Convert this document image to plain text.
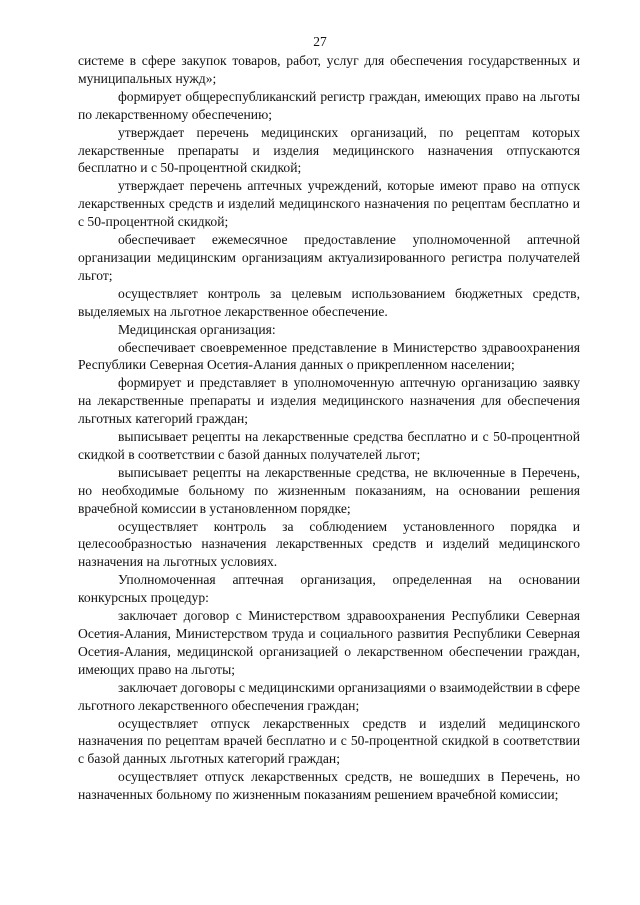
27

системе в сфере закупок товаров, работ, услуг для обеспечения государственных и муниципальных нужд»;

формирует общереспубликанский регистр граждан, имеющих право на льготы по лекарственному обеспечению;

утверждает перечень медицинских организаций, по рецептам которых лекарственные препараты и изделия медицинского назначения отпускаются бесплатно и с 50-процентной скидкой;

утверждает перечень аптечных учреждений, которые имеют право на отпуск лекарственных средств и изделий медицинского назначения по рецептам бесплатно и с 50-процентной скидкой;

обеспечивает ежемесячное предоставление уполномоченной аптечной организации медицинским организациям актуализированного регистра получателей льгот;

осуществляет контроль за целевым использованием бюджетных средств, выделяемых на льготное лекарственное обеспечение.

Медицинская организация:

обеспечивает своевременное представление в Министерство здравоохранения Республики Северная Осетия-Алания данных о прикрепленном населении;

формирует и представляет в уполномоченную аптечную организацию заявку на лекарственные препараты и изделия медицинского назначения для обеспечения льготных категорий граждан;

выписывает рецепты на лекарственные средства бесплатно и с 50-процентной скидкой в соответствии с базой данных получателей льгот;

выписывает рецепты на лекарственные средства, не включенные в Перечень, но необходимые больному по жизненным показаниям, на основании решения врачебной комиссии в установленном порядке;

осуществляет контроль за соблюдением установленного порядка и целесообразностью назначения лекарственных средств и изделий медицинского назначения на льготных условиях.

Уполномоченная аптечная организация, определенная на основании конкурсных процедур:

заключает договор с Министерством здравоохранения Республики Северная Осетия-Алания, Министерством труда и социального развития Республики Северная Осетия-Алания, медицинской организацией о лекарственном обеспечении граждан, имеющих право на льготы;

заключает договоры с медицинскими организациями о взаимодействии в сфере льготного лекарственного обеспечения граждан;

осуществляет отпуск лекарственных средств и изделий медицинского назначения по рецептам врачей бесплатно и с 50-процентной скидкой в соответствии с базой данных льготных категорий граждан;

осуществляет отпуск лекарственных средств, не вошедших в Перечень, но назначенных больному по жизненным показаниям решением врачебной комиссии;
